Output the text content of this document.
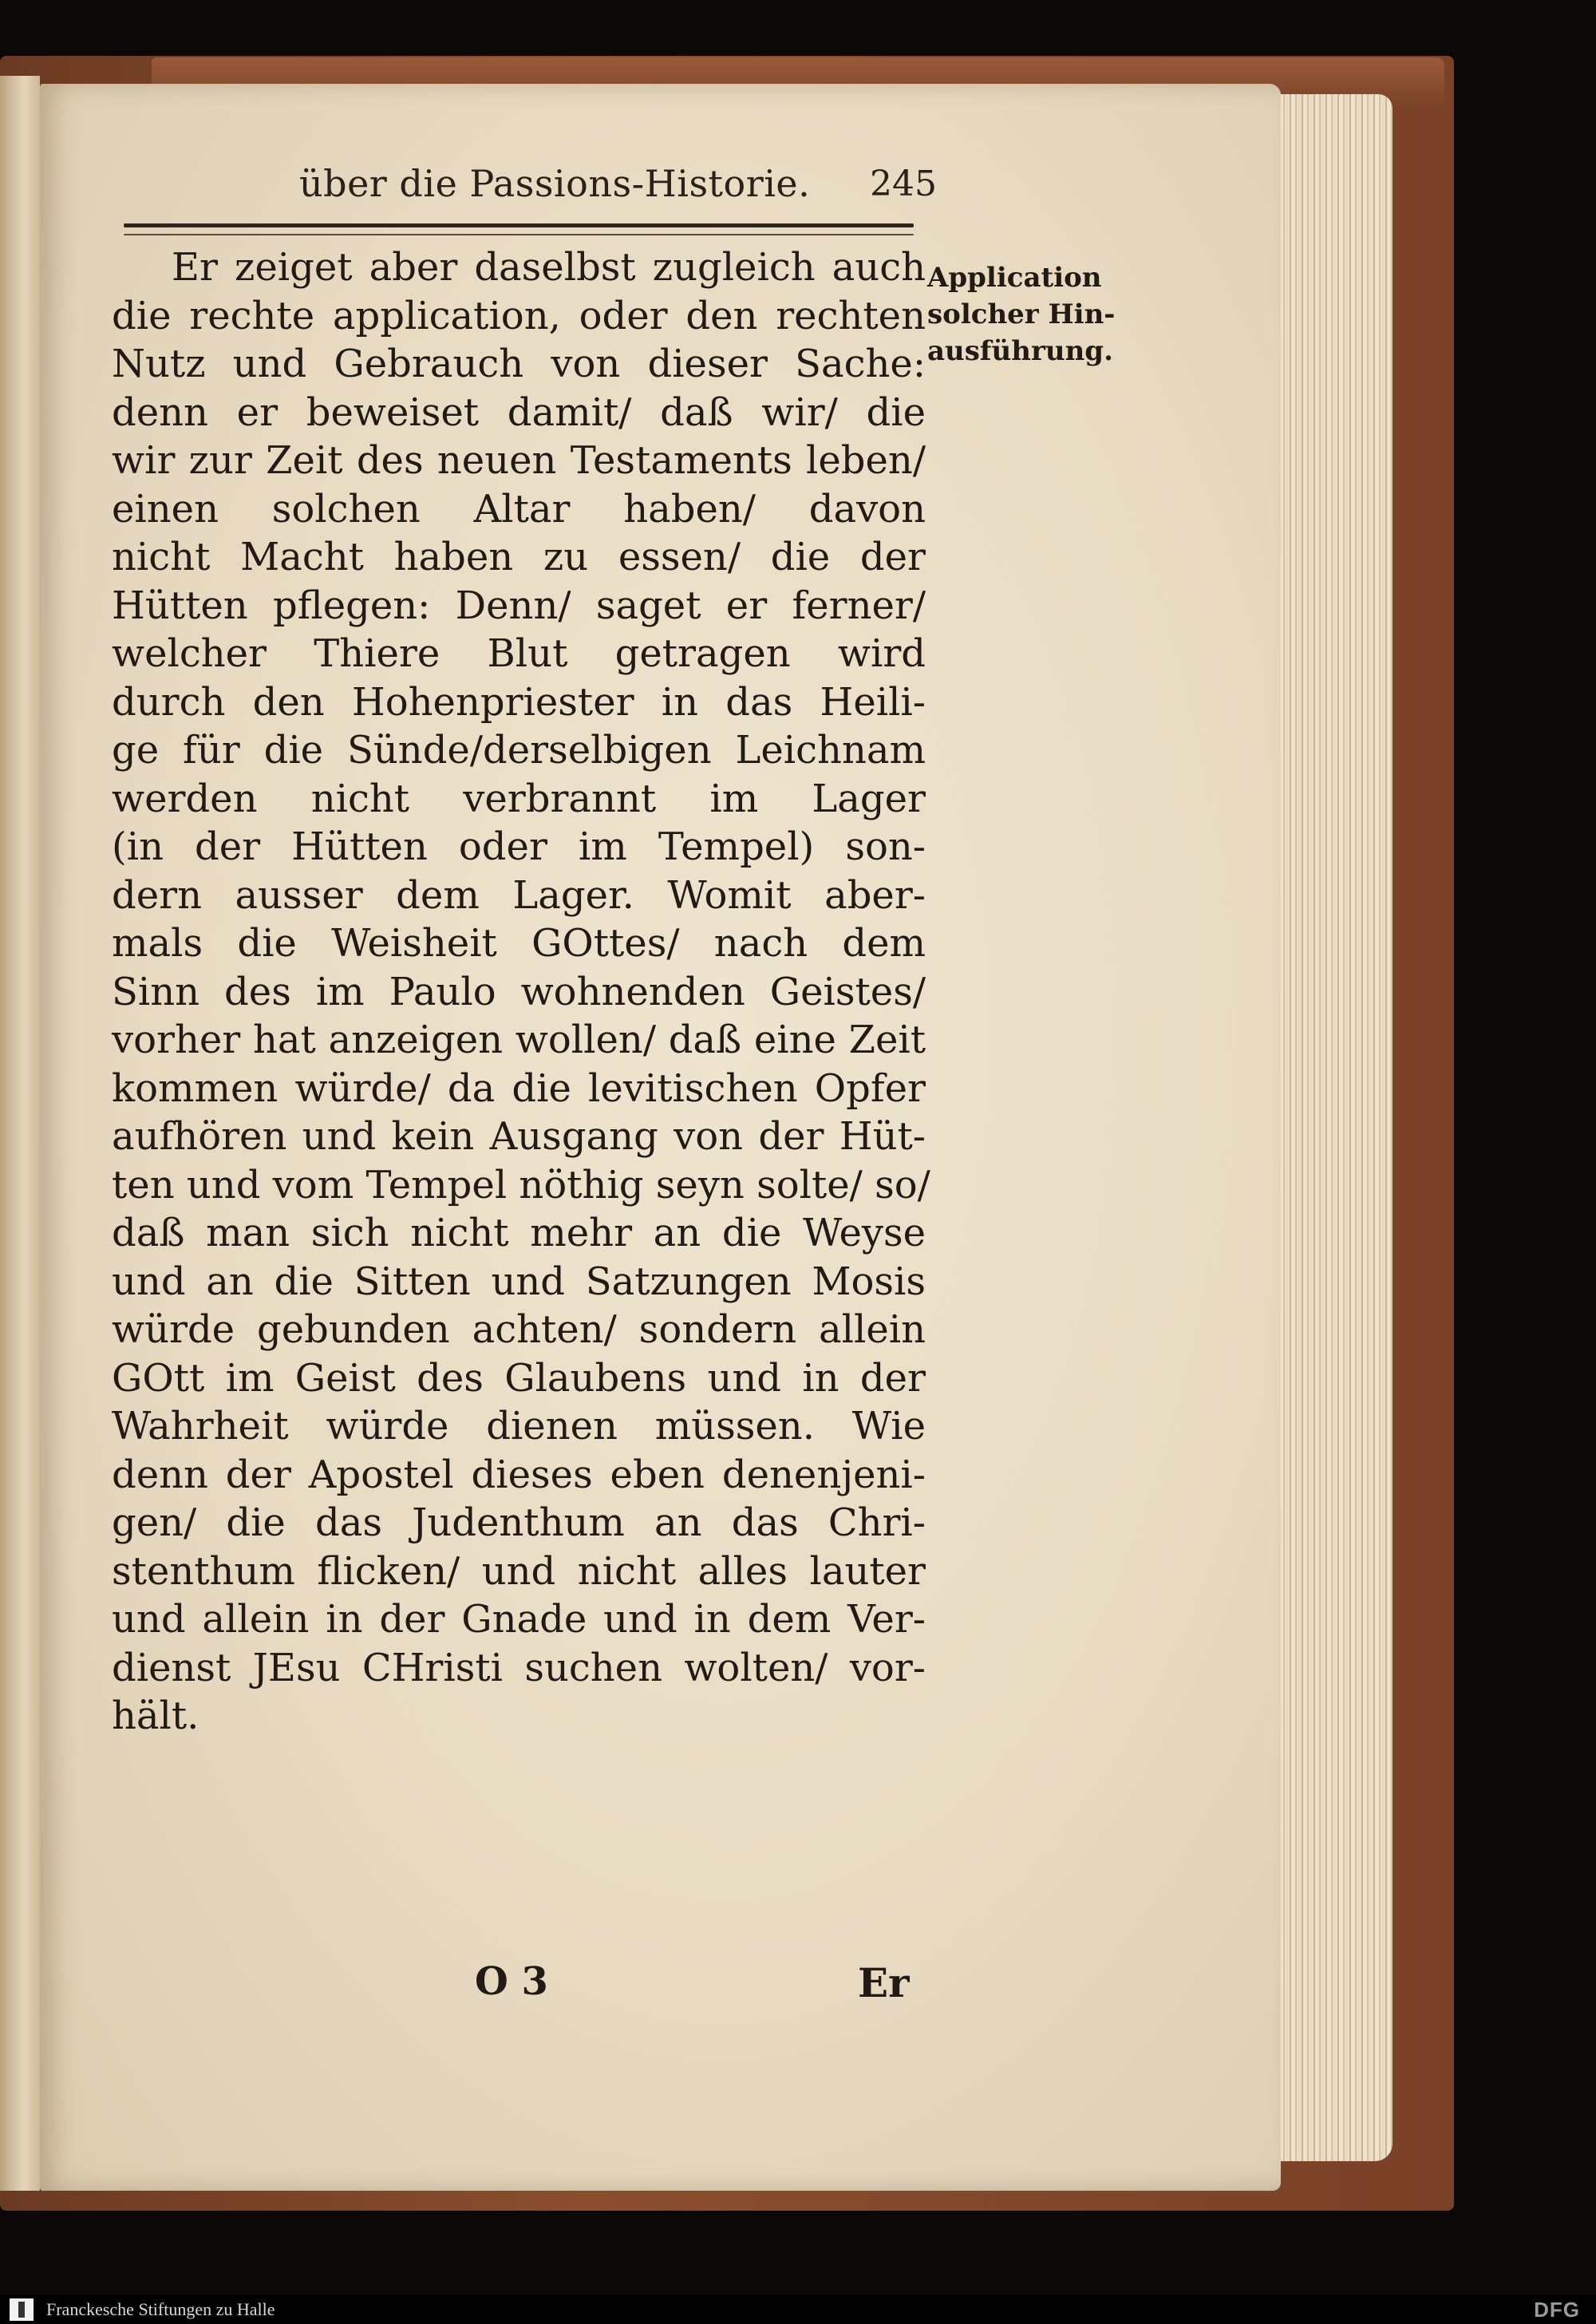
über die Passions-Historie. 245
Er zeiget aber daselbst zugleich auch
die rechte application, oder den rechten
Nutz und Gebrauch von dieser Sache:
denn er beweiset damit/ daß wir/ die
wir zur Zeit des neuen Testaments leben/
einen solchen Altar haben/ davon
nicht Macht haben zu essen/ die der
Hütten pflegen: Denn/ saget er ferner/
welcher Thiere Blut getragen wird
durch den Hohenpriester in das Heili-
ge für die Sünde/derselbigen Leichnam
werden nicht verbrannt im Lager
(in der Hütten oder im Tempel) son-
dern ausser dem Lager. Womit aber-
mals die Weisheit GOttes/ nach dem
Sinn des im Paulo wohnenden Geistes/
vorher hat anzeigen wollen/ daß eine Zeit
kommen würde/ da die levitischen Opfer
aufhören und kein Ausgang von der Hüt-
ten und vom Tempel nöthig seyn solte/ so/
daß man sich nicht mehr an die Weyse
und an die Sitten und Satzungen Mosis
würde gebunden achten/ sondern allein
GOtt im Geist des Glaubens und in der
Wahrheit würde dienen müssen. Wie
denn der Apostel dieses eben denenjeni-
gen/ die das Judenthum an das Chri-
stenthum flicken/ und nicht alles lauter
und allein in der Gnade und in dem Ver-
dienst JEsu CHristi suchen wolten/ vor-
hält.
Application
solcher Hin-
ausführung.
O 3	Er
Franckesche Stiftungen zu Halle	DFG
